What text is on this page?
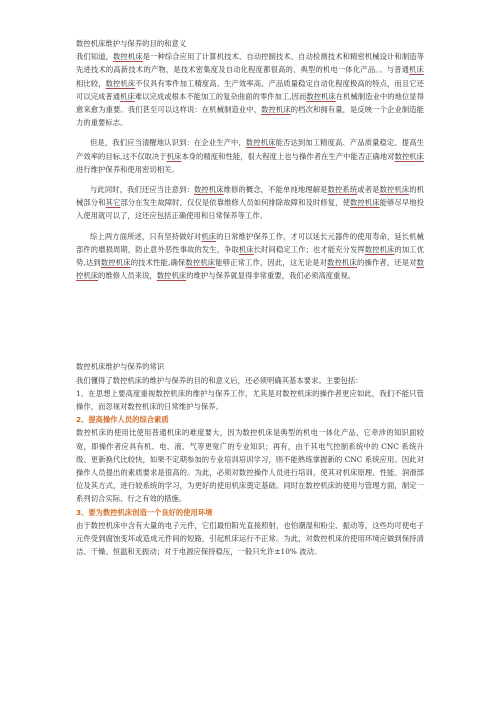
数控机床维护与保养的目的和意义

我们知道，数控机床是一种综合应用了计算机技术、自动控制技术、自动检测技术和精密机械设计和制造等先进技术的高新技术的产物，是技术密集度及自动化程度都很高的、典型的机电一体化产品。。与普通机床相比较，数控机床不仅具有零件加工精度高、生产效率高、产品质量稳定自动化程度极高的特点，而且它还可以完成普通机床难以完成或根本不能加工的复杂曲面的零件加工,因而数控机床在机械制造业中的地位显得愈来愈为重要。我们甚至可以这样说：在机械制造业中，数控机床的档次和拥有量，是反映一个企业制造能力的重要标志。

但是，我们应当清醒地认识到：在企业生产中，数控机床能否达到加工精度高、产品质量稳定、提高生产效率的目标,这不仅取决于机床本身的精度和性能，很大程度上也与操作者在生产中能否正确地对数控机床进行维护保养和使用密切相关。

与此同时，我们还应当注意到：数控机床维修的概念，不能单纯地理解是数控系统或者是数控机床的机械部分和其它部分在发生故障时，仅仅是依靠维修人员如何排除故障和及时修复，使数控机床能够尽早地投入使用就可以了，这还应包括正确使用和日常保养等工作。

综上两方面所述，只有坚持做好对机床的日常维护保养工作，才可以延长元器件的使用寿命，延长机械部件的磨损周期，防止意外恶性事故的发生，争取机床长时间稳定工作；也才能充分发挥数控机床的加工优势,达到数控机床的技术性能,确保数控机床能够正常工作，因此，这无论是对数控机床的操作者，还是对数控机床的维修人员来说，数控机床的维护与保养就显得非常重要，我们必须高度重视。

数控机床维护与保养的常识

我们懂得了数控机床的维护与保养的目的和意义后，还必须明确其基本要求。主要包括：

1、在思想上要高度重视数控机床的维护与保养工作，尤其是对数控机床的操作者更应如此，我们不能只管操作，而忽视对数控机床的日常维护与保养。

2、提高操作人员的综合素质

数控机床的使用比使用普通机床的难度要大，因为数控机床是典型的机电一体化产品，它牵涉的知识面较宽，即操作者应具有机、电、液、气等更宽广的专业知识；再有，由于其电气控制系统中的 CNC 系统升级、更新换代比较快，如果不定期参加的专业培训培训学习，则不能熟练掌握新的 CNC 系统应用。因此对操作人员提出的素质要求是很高的。为此，必须对数控操作人员进行培训，使其对机床原理、性能、润滑部位及其方式，进行较系统的学习，为更好的使用机床奠定基础。同时在数控机床的使用与管理方面，制定一系列切合实际、行之有效的措施。

3、要为数控机床创造一个良好的使用环境

由于数控机床中含有大量的电子元件，它们最怕阳光直接照射，也怕潮湿和粉尘、振动等，这些均可使电子元件受到腐蚀变坏或造成元件间的短路，引起机床运行不正常。为此，对数控机床的使用环境应做到保持清洁、干燥、恒温和无振动；对于电源应保持稳压，一般只允许±10% 波动。
